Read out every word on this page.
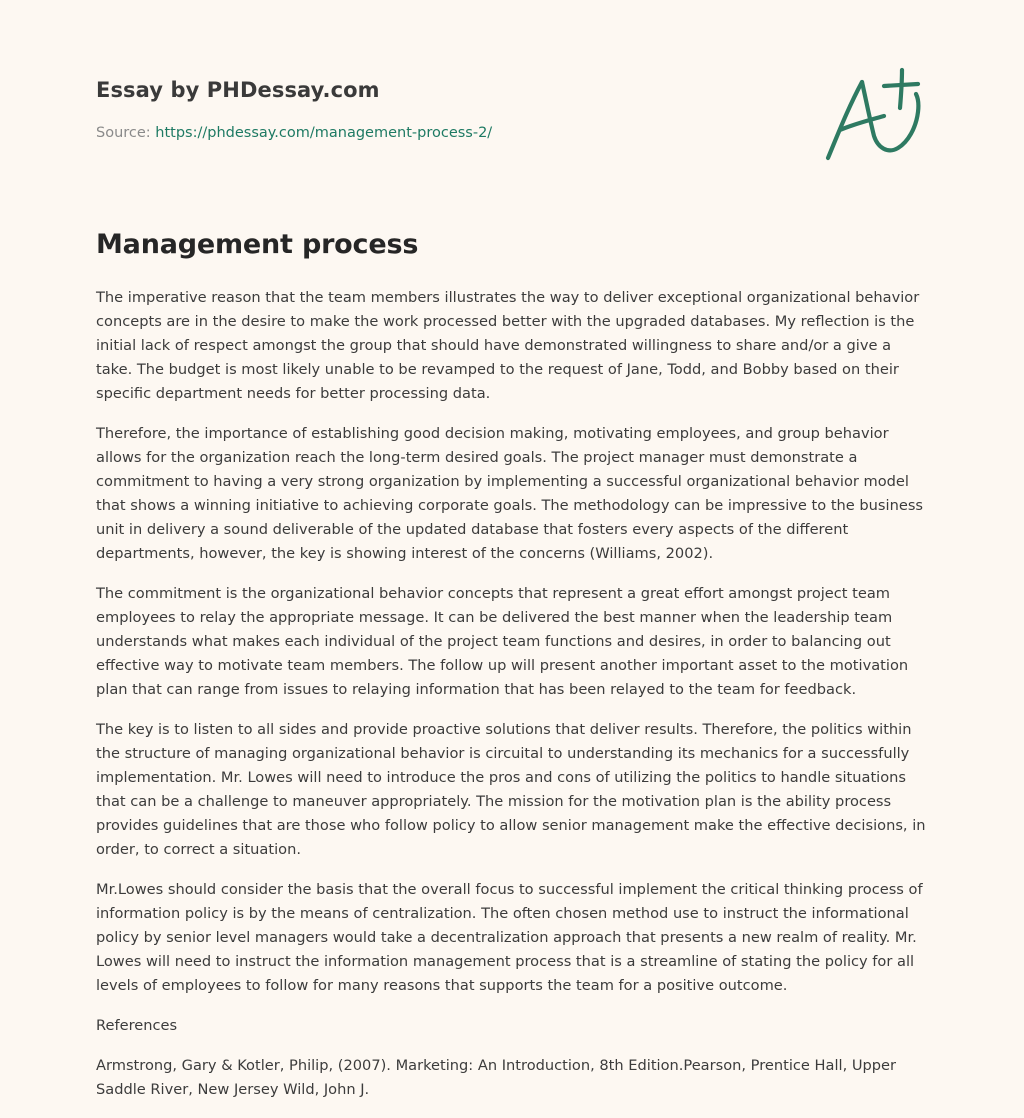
Essay by PHDessay.com
Source: https://phdessay.com/management-process-2/
Management process

The imperative reason that the team members illustrates the way to deliver exceptional organizational behavior concepts are in the desire to make the work processed better with the upgraded databases. My reflection is the initial lack of respect amongst the group that should have demonstrated willingness to share and/or a give a take. The budget is most likely unable to be revamped to the request of Jane, Todd, and Bobby based on their specific department needs for better processing data.

Therefore, the importance of establishing good decision making, motivating employees, and group behavior allows for the organization reach the long-term desired goals. The project manager must demonstrate a commitment to having a very strong organization by implementing a successful organizational behavior model that shows a winning initiative to achieving corporate goals. The methodology can be impressive to the business unit in delivery a sound deliverable of the updated database that fosters every aspects of the different departments, however, the key is showing interest of the concerns (Williams, 2002).

The commitment is the organizational behavior concepts that represent a great effort amongst project team employees to relay the appropriate message. It can be delivered the best manner when the leadership team understands what makes each individual of the project team functions and desires, in order to balancing out effective way to motivate team members. The follow up will present another important asset to the motivation plan that can range from issues to relaying information that has been relayed to the team for feedback.

The key is to listen to all sides and provide proactive solutions that deliver results. Therefore, the politics within the structure of managing organizational behavior is circuital to understanding its mechanics for a successfully implementation. Mr. Lowes will need to introduce the pros and cons of utilizing the politics to handle situations that can be a challenge to maneuver appropriately. The mission for the motivation plan is the ability process provides guidelines that are those who follow policy to allow senior management make the effective decisions, in order, to correct a situation.

Mr.Lowes should consider the basis that the overall focus to successful implement the critical thinking process of information policy is by the means of centralization. The often chosen method use to instruct the informational policy by senior level managers would take a decentralization approach that presents a new realm of reality. Mr. Lowes will need to instruct the information management process that is a streamline of stating the policy for all levels of employees to follow for many reasons that supports the team for a positive outcome.

References

Armstrong, Gary & Kotler, Philip, (2007). Marketing: An Introduction, 8th Edition.Pearson, Prentice Hall, Upper Saddle River, New Jersey Wild, John J.
